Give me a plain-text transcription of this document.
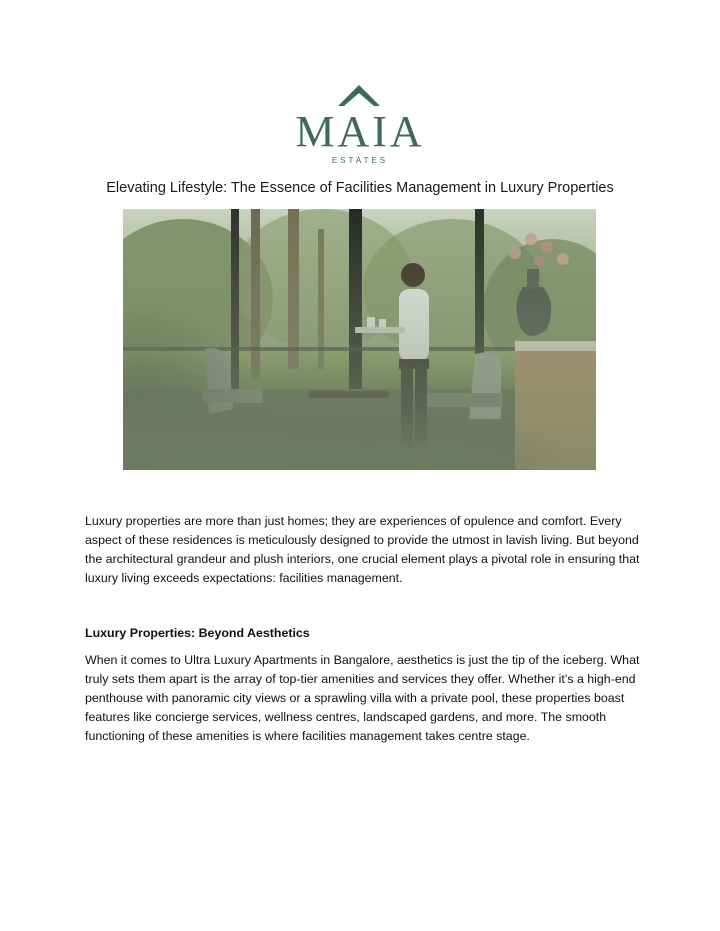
MAIA
ESTATES
Elevating Lifestyle: The Essence of Facilities Management in Luxury Properties

Luxury properties are more than just homes; they are experiences of opulence and comfort. Every aspect of these residences is meticulously designed to provide the utmost in lavish living. But beyond the architectural grandeur and plush interiors, one crucial element plays a pivotal role in ensuring that luxury living exceeds expectations: facilities management.

Luxury Properties: Beyond Aesthetics

When it comes to Ultra Luxury Apartments in Bangalore, aesthetics is just the tip of the iceberg. What truly sets them apart is the array of top-tier amenities and services they offer. Whether it’s a high-end penthouse with panoramic city views or a sprawling villa with a private pool, these properties boast features like concierge services, wellness centres, landscaped gardens, and more. The smooth functioning of these amenities is where facilities management takes centre stage.
